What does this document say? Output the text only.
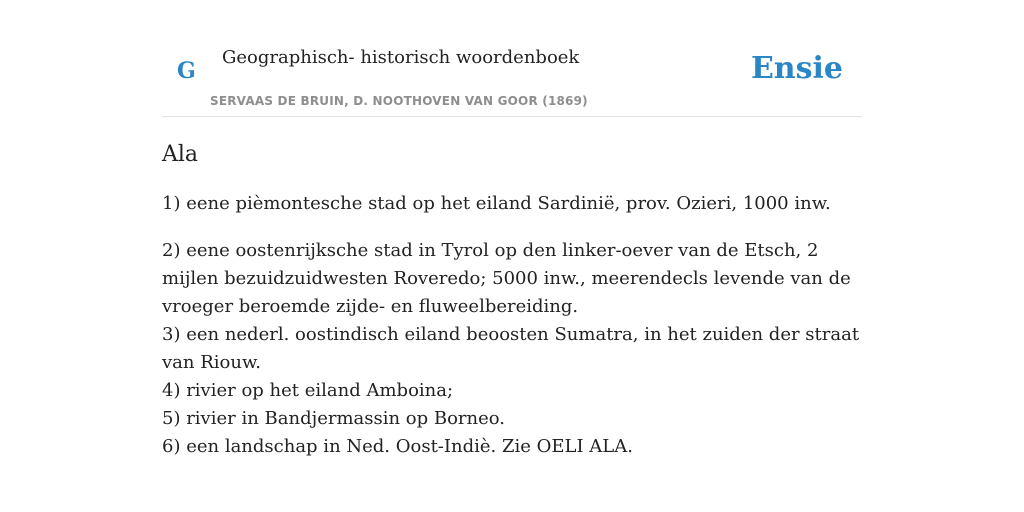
G
Geographisch- historisch woordenboek
SERVAAS DE BRUIN, D. NOOTHOVEN VAN GOOR (1869)
Ensie
Ala

1) eene pièmontesche stad op het eiland Sardinië, prov. Ozieri, 1000 inw.

2) eene oostenrijksche stad in Tyrol op den linker-oever van de Etsch, 2 mijlen bezuidzuidwesten Roveredo; 5000 inw., meerendecls levende van de vroeger beroemde zijde- en fluweelbereiding.
3) een nederl. oostindisch eiland beoosten Sumatra, in het zuiden der straat van Riouw.
4) rivier op het eiland Amboina;
5) rivier in Bandjermassin op Borneo.
6) een landschap in Ned. Oost-Indiè. Zie OELI ALA.
